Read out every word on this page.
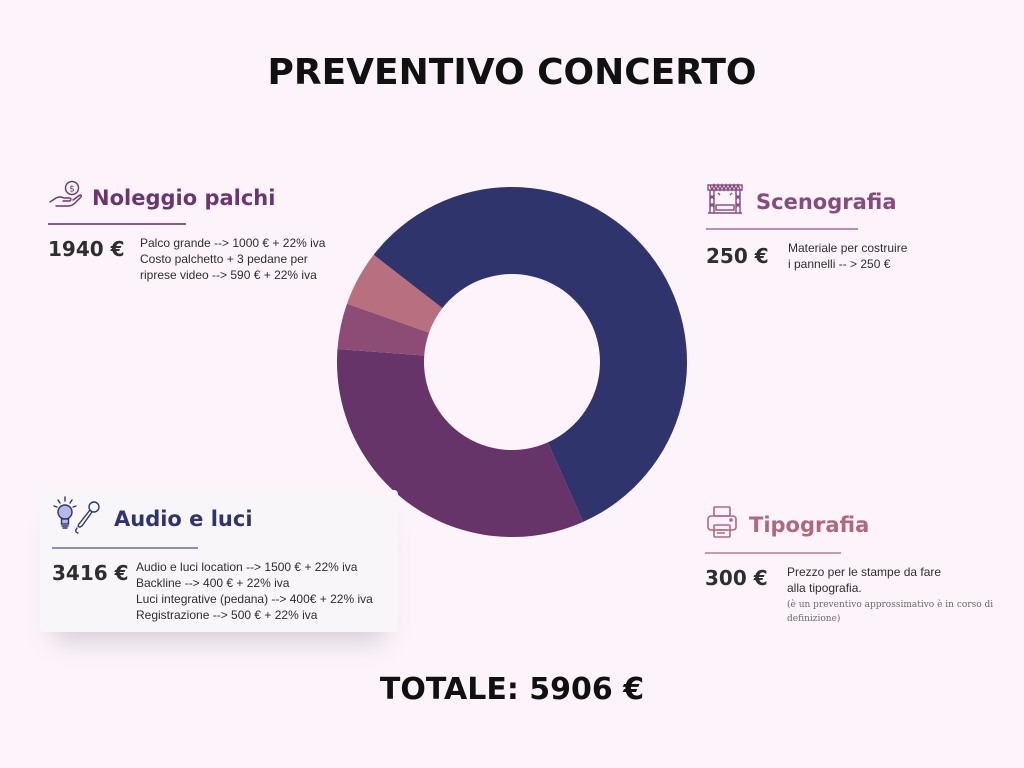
PREVENTIVO CONCERTO
$ Noleggio palchi
1940 €	Palco grande --> 1000 € + 22% iva
Costo palchetto + 3 pedane per
riprese video --> 590 € + 22% iva
Scenografia
250 €	Materiale per costruire
i pannelli -- > 250 €
Tipografia
300 €	Prezzo per le stampe da fare
alla tipografia.
(è un preventivo approssimativo è in corso di
definizione)
Audio e luci
3416 € Audio e luci location --> 1500 € + 22% iva
Backline --> 400 € + 22% iva
Luci integrative (pedana) --> 400€ + 22% iva
Registrazione --> 500 € + 22% iva
TOTALE: 5906 €
